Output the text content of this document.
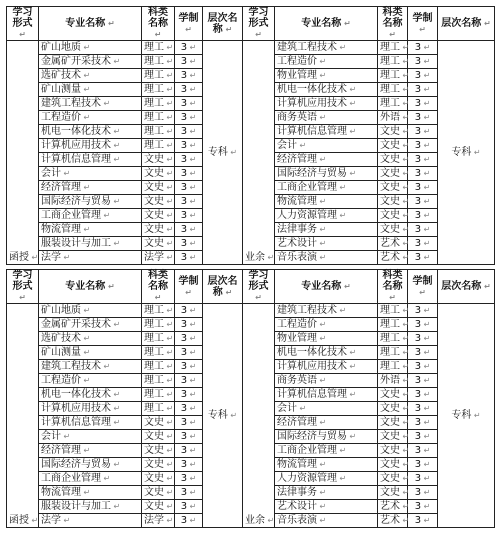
学习形式 ↵	专业名称 ↵	科类名称 ↵	学制 ↵	层次名称 ↵	学习形式 ↵	专业名称 ↵	科类名称 ↵	学制 ↵	层次名称 ↵
函授 ↵	矿山地质 ↵	理工 ↵	3 ↵	专科 ↵	业余 ↵	建筑工程技术 ↵	理工 ↵	3 ↵	专科 ↵
	金属矿开采技术 ↵	理工 ↵	3 ↵			工程造价 ↵	理工 ↵	3 ↵	
	选矿技术 ↵	理工 ↵	3 ↵			物业管理 ↵	理工 ↵	3 ↵	
	矿山测量 ↵	理工 ↵	3 ↵			机电一体化技术 ↵	理工 ↵	3 ↵	
	建筑工程技术 ↵	理工 ↵	3 ↵			计算机应用技术 ↵	理工 ↵	3 ↵	
	工程造价 ↵	理工 ↵	3 ↵			商务英语 ↵	外语 ↵	3 ↵	
	机电一体化技术 ↵	理工 ↵	3 ↵			计算机信息管理 ↵	文史 ↵	3 ↵	
	计算机应用技术 ↵	理工 ↵	3 ↵			会计 ↵	文史 ↵	3 ↵	
	计算机信息管理 ↵	文史 ↵	3 ↵			经济管理 ↵	文史 ↵	3 ↵	
	会计 ↵	文史 ↵	3 ↵			国际经济与贸易 ↵	文史 ↵	3 ↵	
	经济管理 ↵	文史 ↵	3 ↵			工商企业管理 ↵	文史 ↵	3 ↵	
	国际经济与贸易 ↵	文史 ↵	3 ↵			物流管理 ↵	文史 ↵	3 ↵	
	工商企业管理 ↵	文史 ↵	3 ↵			人力资源管理 ↵	文史 ↵	3 ↵	
	物流管理 ↵	文史 ↵	3 ↵			法律事务 ↵	文史 ↵	3 ↵	
	服装设计与加工 ↵	文史 ↵	3 ↵			艺术设计 ↵	艺术 ↵	3 ↵	
	法学 ↵	法学 ↵	3 ↵			音乐表演 ↵	艺术 ↵	3 ↵	
学习形式 ↵	专业名称 ↵	科类名称 ↵	学制 ↵	层次名称 ↵	学习形式 ↵	专业名称 ↵	科类名称 ↵	学制 ↵	层次名称 ↵
函授 ↵	矿山地质 ↵	理工 ↵	3 ↵	专科 ↵	业余 ↵	建筑工程技术 ↵	理工 ↵	3 ↵	专科 ↵
	金属矿开采技术 ↵	理工 ↵	3 ↵			工程造价 ↵	理工 ↵	3 ↵	
	选矿技术 ↵	理工 ↵	3 ↵			物业管理 ↵	理工 ↵	3 ↵	
	矿山测量 ↵	理工 ↵	3 ↵			机电一体化技术 ↵	理工 ↵	3 ↵	
	建筑工程技术 ↵	理工 ↵	3 ↵			计算机应用技术 ↵	理工 ↵	3 ↵	
	工程造价 ↵	理工 ↵	3 ↵			商务英语 ↵	外语 ↵	3 ↵	
	机电一体化技术 ↵	理工 ↵	3 ↵			计算机信息管理 ↵	文史 ↵	3 ↵	
	计算机应用技术 ↵	理工 ↵	3 ↵			会计 ↵	文史 ↵	3 ↵	
	计算机信息管理 ↵	文史 ↵	3 ↵			经济管理 ↵	文史 ↵	3 ↵	
	会计 ↵	文史 ↵	3 ↵			国际经济与贸易 ↵	文史 ↵	3 ↵	
	经济管理 ↵	文史 ↵	3 ↵			工商企业管理 ↵	文史 ↵	3 ↵	
	国际经济与贸易 ↵	文史 ↵	3 ↵			物流管理 ↵	文史 ↵	3 ↵	
	工商企业管理 ↵	文史 ↵	3 ↵			人力资源管理 ↵	文史 ↵	3 ↵	
	物流管理 ↵	文史 ↵	3 ↵			法律事务 ↵	文史 ↵	3 ↵	
	服装设计与加工 ↵	文史 ↵	3 ↵			艺术设计 ↵	艺术 ↵	3 ↵	
	法学 ↵	法学 ↵	3 ↵			音乐表演 ↵	艺术 ↵	3 ↵	
